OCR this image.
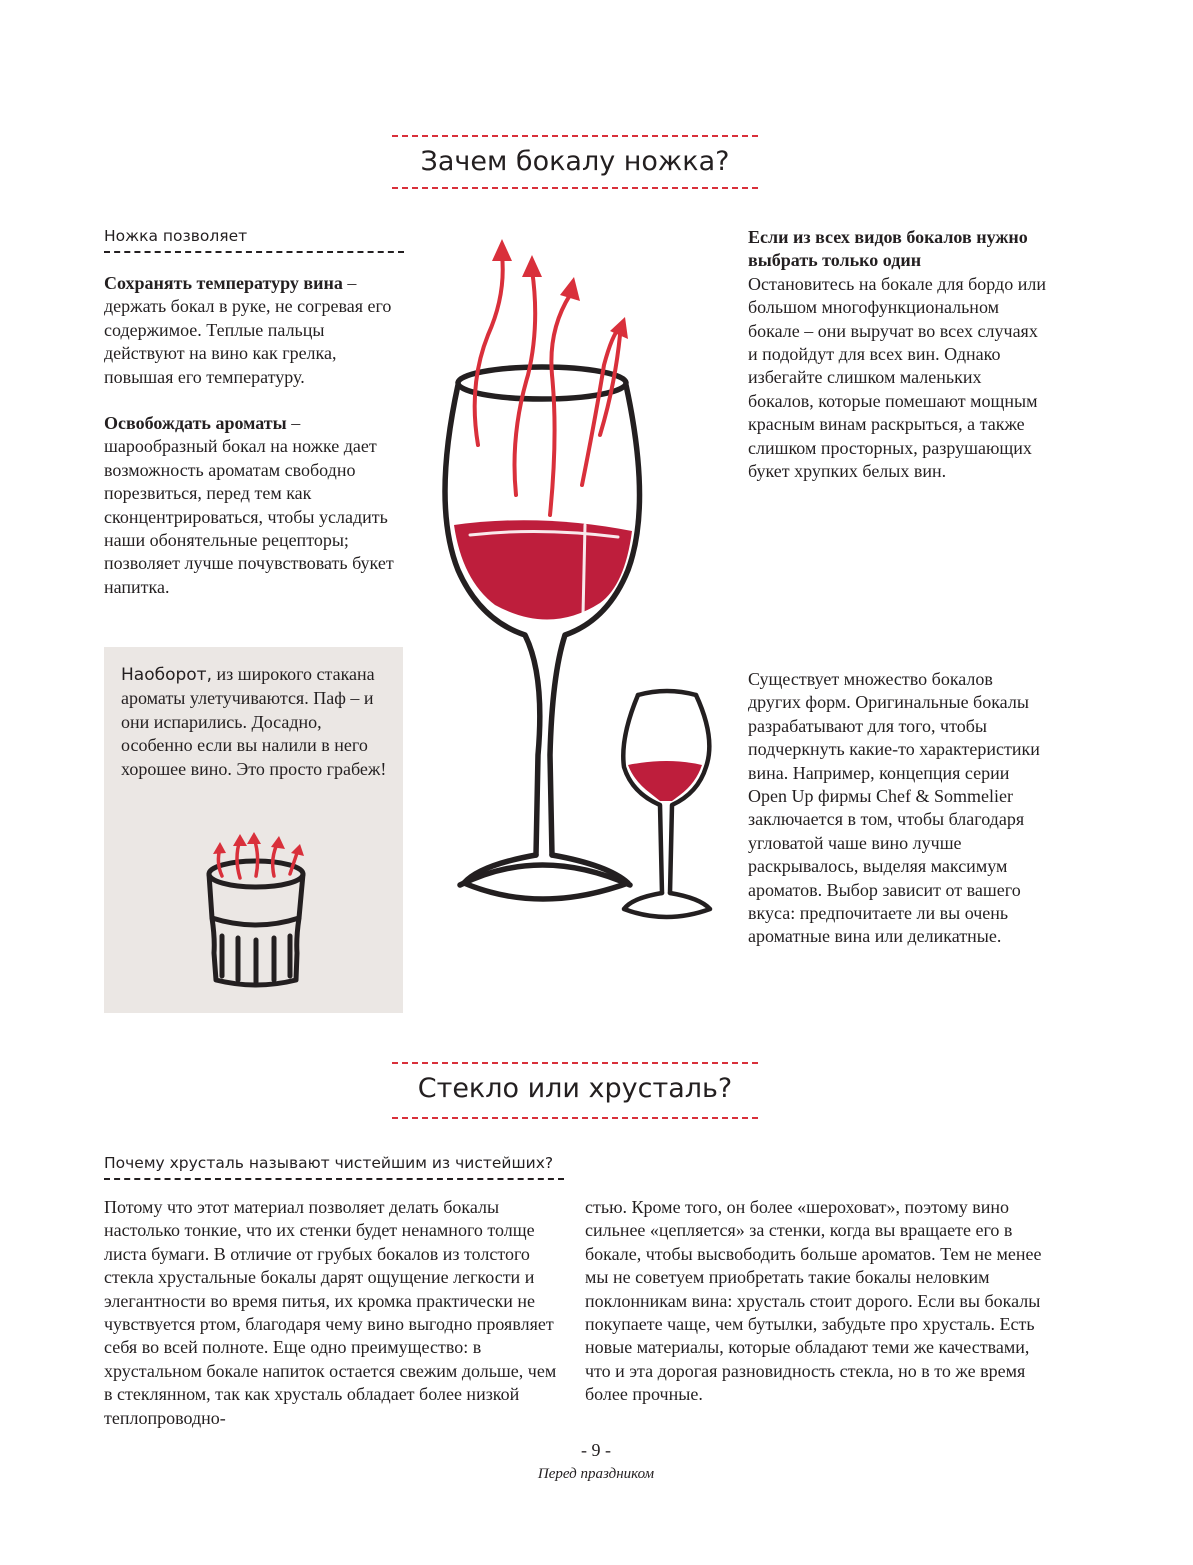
Зачем бокалу ножка?
Ножка позволяет

Сохранять температуру вина – держать бокал в руке, не согревая его содержимое. Теплые пальцы действуют на вино как грелка, повышая его температуру.

Освобождать ароматы – шарообразный бокал на ножке дает возможность ароматам свободно порезвиться, перед тем как сконцентрироваться, чтобы усладить наши обонятельные рецепторы; позволяет лучше почувствовать букет напитка.

Если из всех видов бокалов нужно выбрать только один
Остановитесь на бокале для бордо или большом многофункциональном бокале – они выручат во всех случаях и подойдут для всех вин. Однако избегайте слишком маленьких бокалов, которые помешают мощным красным винам раскрыться, а также слишком просторных, разрушающих букет хрупких белых вин.
Наоборот, из широкого стакана ароматы улетучиваются. Паф – и они испарились. Досадно, особенно если вы налили в него хорошее вино. Это просто грабеж!
Существует множество бокалов других форм. Оригинальные бокалы разрабатывают для того, чтобы подчеркнуть какие-то характеристики вина. Например, концепция серии Open Up фирмы Chef & Sommelier заключается в том, чтобы благодаря угловатой чаше вино лучше раскрывалось, выделяя максимум ароматов. Выбор зависит от вашего вкуса: предпочитаете ли вы очень ароматные вина или деликатные.
Стекло или хрусталь?
Почему хрусталь называют чистейшим из чистейших?
Потому что этот материал позволяет делать бокалы настолько тонкие, что их стенки будет ненамного толще листа бумаги. В отличие от грубых бокалов из толстого стекла хрустальные бокалы дарят ощущение легкости и элегантности во время питья, их кромка практически не чувствуется ртом, благодаря чему вино выгодно проявляет себя во всей полноте. Еще одно преимущество: в хрустальном бокале напиток остается свежим дольше, чем в стеклянном, так как хрусталь обладает более низкой теплопроводно-
стью. Кроме того, он более «шероховат», поэтому вино сильнее «цепляется» за стенки, когда вы вращаете его в бокале, чтобы высвободить больше ароматов. Тем не менее мы не советуем приобретать такие бокалы неловким поклонникам вина: хрусталь стоит дорого. Если вы бокалы покупаете чаще, чем бутылки, забудьте про хрусталь. Есть новые материалы, которые обладают теми же качествами, что и эта дорогая разновидность стекла, но в то же время более прочные.
- 9 -
Перед праздником
